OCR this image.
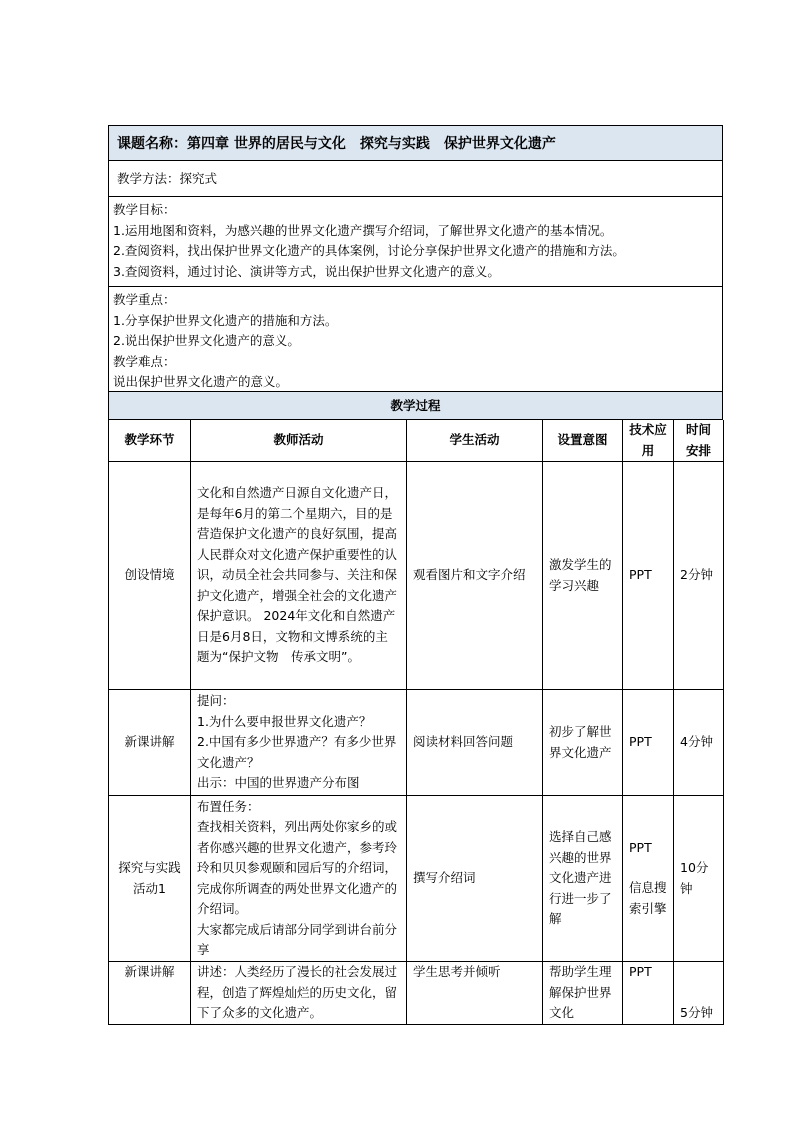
课题名称：第四章 世界的居民与文化　探究与实践　保护世界文化遗产
教学方法：探究式
教学目标：
1.运用地图和资料，为感兴趣的世界文化遗产撰写介绍词，了解世界文化遗产的基本情况。
2.查阅资料，找出保护世界文化遗产的具体案例，讨论分享保护世界文化遗产的措施和方法。
3.查阅资料，通过讨论、演讲等方式，说出保护世界文化遗产的意义。
教学重点：
1.分享保护世界文化遗产的措施和方法。
2.说出保护世界文化遗产的意义。
教学难点：
说出保护世界文化遗产的意义。
教学过程
教学环节	教师活动	学生活动	设置意图	技术应用	时间安排
创设情境	文化和自然遗产日源自文化遗产日，是每年6月的第二个星期六，目的是营造保护文化遗产的良好氛围，提高人民群众对文化遗产保护重要性的认识，动员全社会共同参与、关注和保护文化遗产，增强全社会的文化遗产保护意识。 2024年文化和自然遗产日是6月8日，文物和文博系统的主题为“保护文物　传承文明”。	观看图片和文字介绍	激发学生的学习兴趣	PPT	2分钟
新课讲解	提问：
1.为什么要申报世界文化遗产？
2.中国有多少世界遗产？有多少世界文化遗产？
出示：中国的世界遗产分布图	阅读材料回答问题	初步了解世界文化遗产	PPT	4分钟
探究与实践活动1	布置任务：
查找相关资料，列出两处你家乡的或者你感兴趣的世界文化遗产，参考玲玲和贝贝参观颐和园后写的介绍词，完成你所调查的两处世界文化遗产的介绍词。
大家都完成后请部分同学到讲台前分享	撰写介绍词	选择自己感兴趣的世界文化遗产进行进一步了解	PPT
信息搜索引擎	10分钟
新课讲解	讲述：人类经历了漫长的社会发展过程，创造了辉煌灿烂的历史文化，留下了众多的文化遗产。	学生思考并倾听	帮助学生理解保护世界文化	PPT	5分钟
